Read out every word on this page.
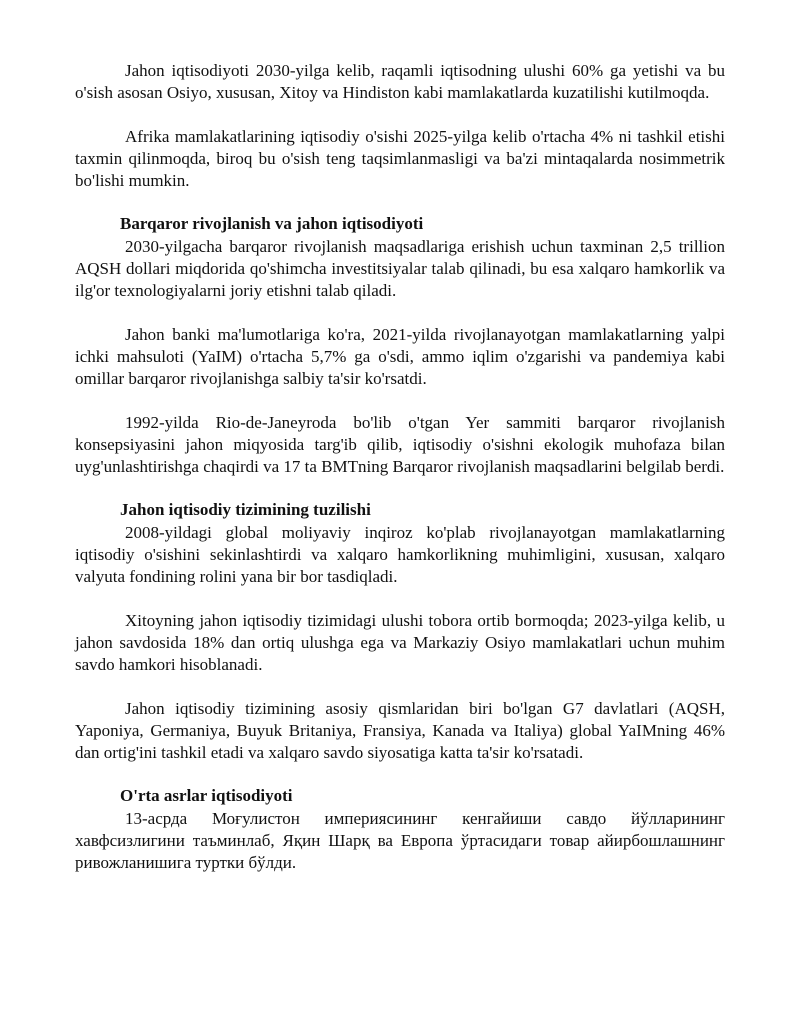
Jahon iqtisodiyoti 2030-yilga kelib, raqamli iqtisodning ulushi 60% ga yetishi va bu o'sish asosan Osiyo, xususan, Xitoy va Hindiston kabi mamlakatlarda kuzatilishi kutilmoqda.

Afrika mamlakatlarining iqtisodiy o'sishi 2025-yilga kelib o'rtacha 4% ni tashkil etishi taxmin qilinmoqda, biroq bu o'sish teng taqsimlanmasligi va ba'zi mintaqalarda nosimmetrik bo'lishi mumkin.

Barqaror rivojlanish va jahon iqtisodiyoti

2030-yilgacha barqaror rivojlanish maqsadlariga erishish uchun taxminan 2,5 trillion AQSH dollari miqdorida qo'shimcha investitsiyalar talab qilinadi, bu esa xalqaro hamkorlik va ilg'or texnologiyalarni joriy etishni talab qiladi.

Jahon banki ma'lumotlariga ko'ra, 2021-yilda rivojlanayotgan mamlakatlarning yalpi ichki mahsuloti (YaIM) o'rtacha 5,7% ga o'sdi, ammo iqlim o'zgarishi va pandemiya kabi omillar barqaror rivojlanishga salbiy ta'sir ko'rsatdi.

1992-yilda Rio-de-Janeyroda bo'lib o'tgan Yer sammiti barqaror rivojlanish konsepsiyasini jahon miqyosida targ'ib qilib, iqtisodiy o'sishni ekologik muhofaza bilan uyg'unlashtirishga chaqirdi va 17 ta BMTning Barqaror rivojlanish maqsadlarini belgilab berdi.

Jahon iqtisodiy tizimining tuzilishi

2008-yildagi global moliyaviy inqiroz ko'plab rivojlanayotgan mamlakatlarning iqtisodiy o'sishini sekinlashtirdi va xalqaro hamkorlikning muhimligini, xususan, xalqaro valyuta fondining rolini yana bir bor tasdiqladi.

Xitoyning jahon iqtisodiy tizimidagi ulushi tobora ortib bormoqda; 2023-yilga kelib, u jahon savdosida 18% dan ortiq ulushga ega va Markaziy Osiyo mamlakatlari uchun muhim savdo hamkori hisoblanadi.

Jahon iqtisodiy tizimining asosiy qismlaridan biri bo'lgan G7 davlatlari (AQSH, Yaponiya, Germaniya, Buyuk Britaniya, Fransiya, Kanada va Italiya) global YaIMning 46% dan ortig'ini tashkil etadi va xalqaro savdo siyosatiga katta ta'sir ko'rsatadi.

O'rta asrlar iqtisodiyoti

13-асрда Моғулистон империясининг кенгайиши савдо йўлларининг хавфсизлигини таъминлаб, Яқин Шарқ ва Европа ўртасидаги товар айирбошлашнинг ривожланишига туртки бўлди.
